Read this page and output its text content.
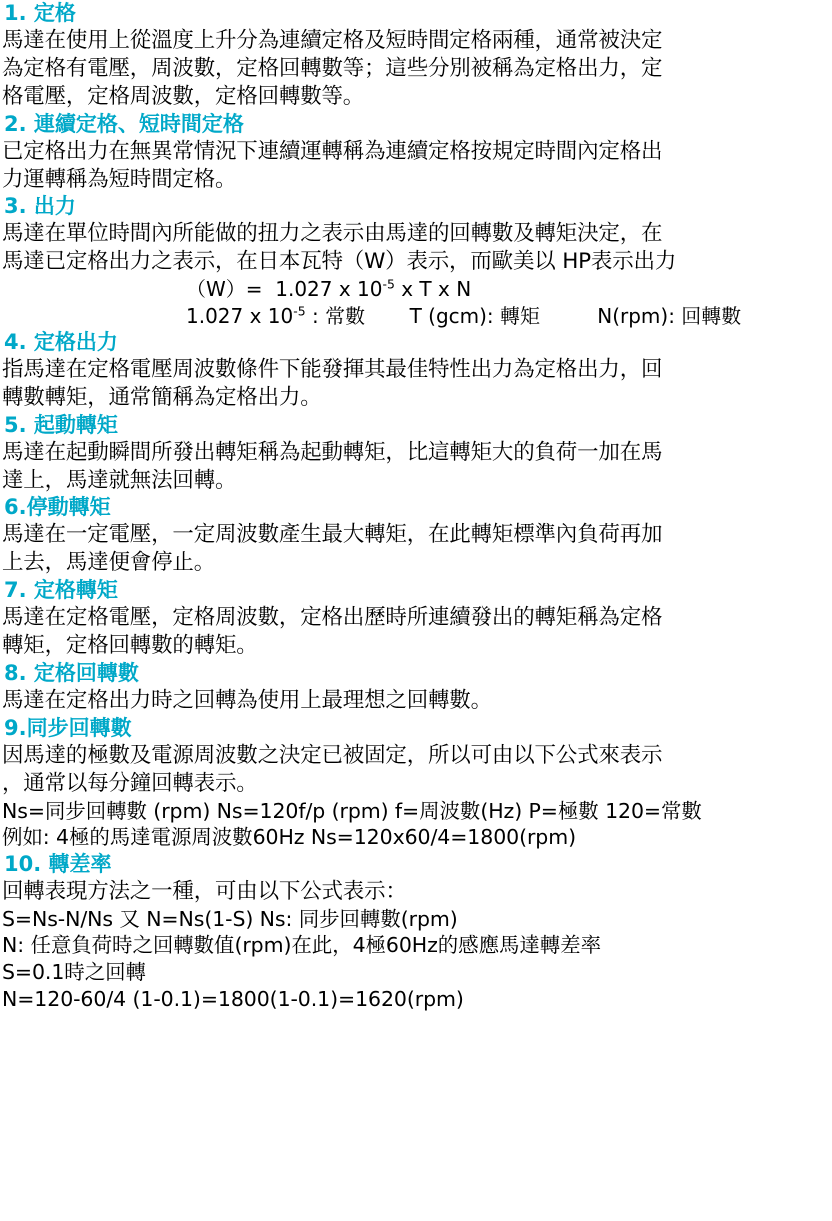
1. 定格
馬達在使用上從溫度上升分為連續定格及短時間定格兩種，通常被決定
為定格有電壓，周波數，定格回轉數等；這些分別被稱為定格出力，定
格電壓，定格周波數，定格回轉數等。
2. 連續定格、短時間定格
已定格出力在無異常情況下連續運轉稱為連續定格按規定時間內定格出
力運轉稱為短時間定格。
3. 出力
馬達在單位時間內所能做的扭力之表示由馬達的回轉數及轉矩決定，在
馬達已定格出力之表示，在日本瓦特（W）表示，而歐美以 HP表示出力
（W）=  1.027 x $10^{-5}$ x T x N
1.027 x $10^{-5}$ : 常數       T (gcm): 轉矩         N(rpm): 回轉數
4. 定格出力
指馬達在定格電壓周波數條件下能發揮其最佳特性出力為定格出力，回
轉數轉矩，通常簡稱為定格出力。
5. 起動轉矩
馬達在起動瞬間所發出轉矩稱為起動轉矩，比這轉矩大的負荷一加在馬
達上，馬達就無法回轉。
6.停動轉矩
馬達在一定電壓，一定周波數產生最大轉矩，在此轉矩標準內負荷再加
上去，馬達便會停止。
7. 定格轉矩
馬達在定格電壓，定格周波數，定格出歷時所連續發出的轉矩稱為定格
轉矩，定格回轉數的轉矩。
8. 定格回轉數
馬達在定格出力時之回轉為使用上最理想之回轉數。
9.同步回轉數
因馬達的極數及電源周波數之決定已被固定，所以可由以下公式來表示
，通常以每分鐘回轉表示。
Ns=同步回轉數 (rpm) Ns=120f/p (rpm) f=周波數(Hz) P=極數 120=常數
例如: 4極的馬達電源周波數60Hz Ns=120x60/4=1800(rpm)
10. 轉差率
回轉表現方法之一種，可由以下公式表示：
S=Ns-N/Ns 又 N=Ns(1-S) Ns: 同步回轉數(rpm)
N: 任意負荷時之回轉數值(rpm)在此，4極60Hz的感應馬達轉差率
S=0.1時之回轉
N=120-60/4 (1-0.1)=1800(1-0.1)=1620(rpm)
